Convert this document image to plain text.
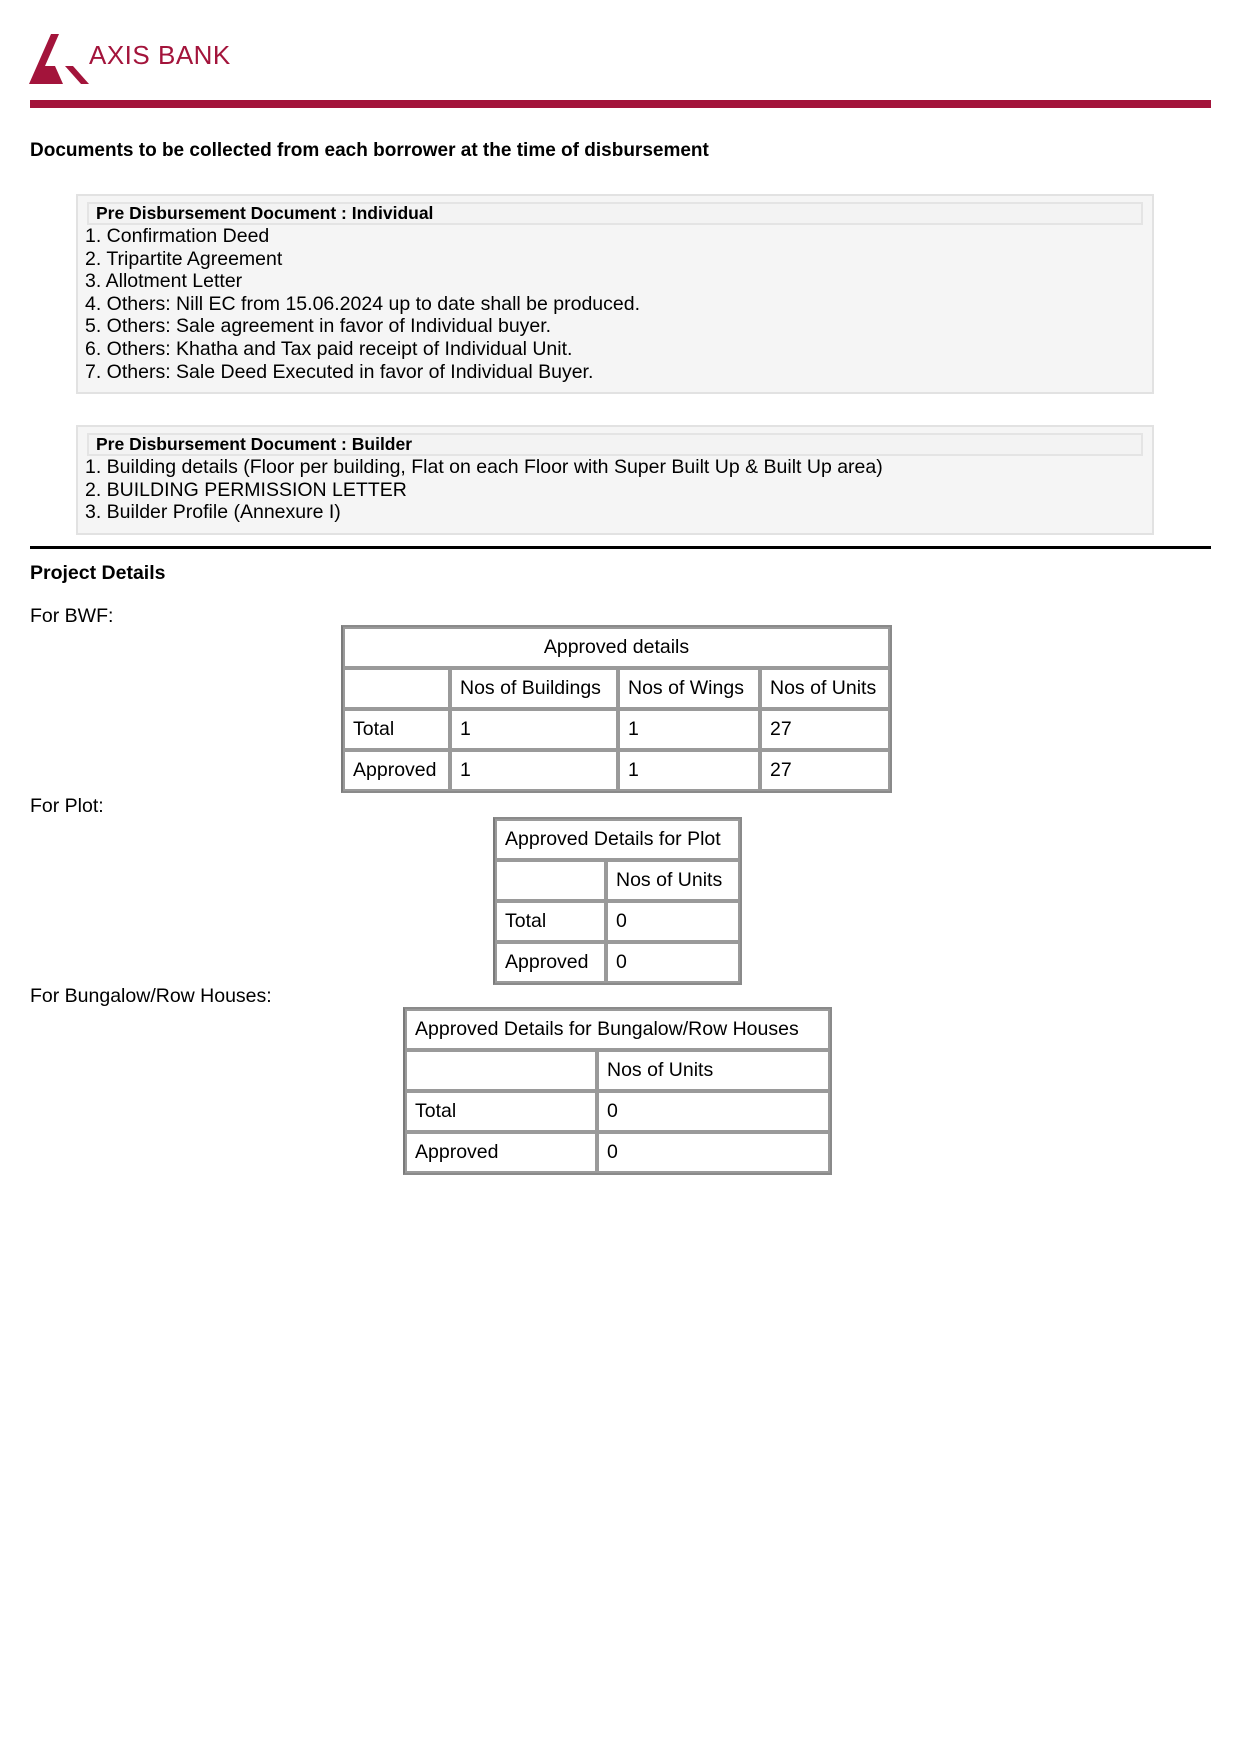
AXIS BANK
Documents to be collected from each borrower at the time of disbursement
Pre Disbursement Document : Individual
1. Confirmation Deed
2. Tripartite Agreement
3. Allotment Letter
4. Others: Nill EC from 15.06.2024 up to date shall be produced.
5. Others: Sale agreement in favor of Individual buyer.
6. Others: Khatha and Tax paid receipt of Individual Unit.
7. Others: Sale Deed Executed in favor of Individual Buyer.
Pre Disbursement Document : Builder
1. Building details (Floor per building, Flat on each Floor with Super Built Up & Built Up area)
2. BUILDING PERMISSION LETTER
3. Builder Profile (Annexure I)
Project Details
For BWF:
Approved details			
	Nos of Buildings	Nos of Wings	Nos of Units
Total	1	1	27
Approved	1	1	27
For Plot:
Approved Details for Plot	
	Nos of Units
Total	0
Approved	0
For Bungalow/Row Houses:
Approved Details for Bungalow/Row Houses	
	Nos of Units
Total	0
Approved	0
